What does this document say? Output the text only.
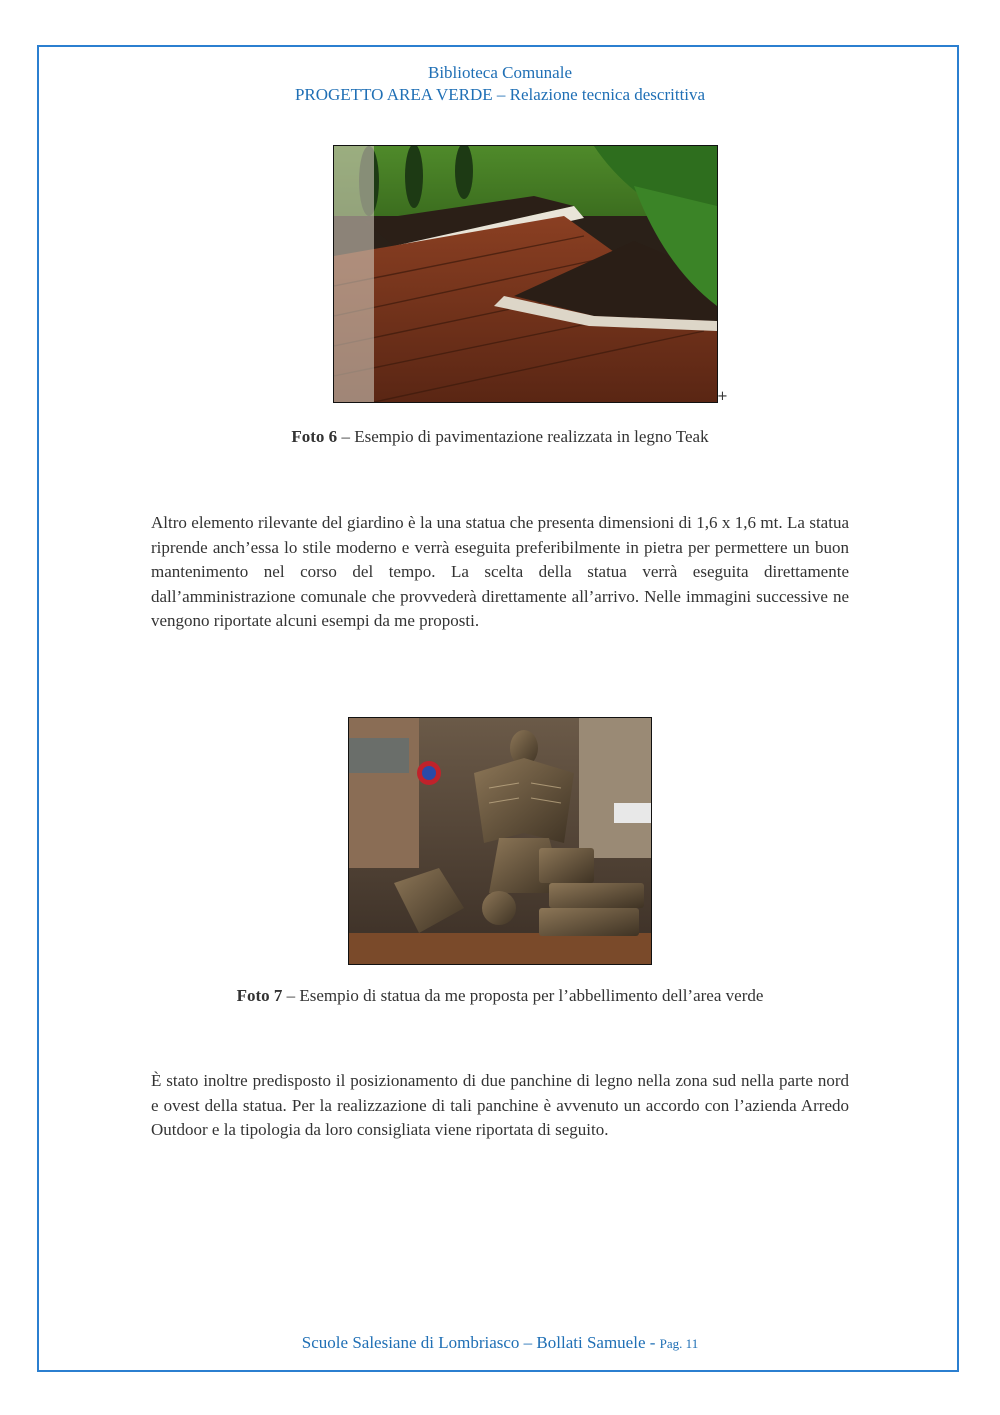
Biblioteca Comunale
PROGETTO AREA VERDE – Relazione tecnica descrittiva
+
Foto 6 – Esempio di pavimentazione realizzata in legno Teak
Altro elemento rilevante del giardino è la una statua che presenta dimensioni di 1,6 x 1,6 mt. La statua riprende anch’essa lo stile moderno e verrà eseguita preferibilmente in pietra per permettere un buon mantenimento nel corso del tempo. La scelta della statua verrà eseguita direttamente dall’amministrazione comunale che provvederà direttamente all’arrivo. Nelle immagini successive ne vengono riportate alcuni esempi da me proposti.
Foto 7 – Esempio di statua da me proposta per l’abbellimento dell’area verde
È stato inoltre predisposto il posizionamento di due panchine di legno nella zona sud nella parte nord e ovest della statua. Per la realizzazione di tali panchine è avvenuto un accordo con l’azienda Arredo Outdoor e la tipologia da loro consigliata viene riportata di seguito.
Scuole Salesiane di Lombriasco – Bollati Samuele - Pag. 11
